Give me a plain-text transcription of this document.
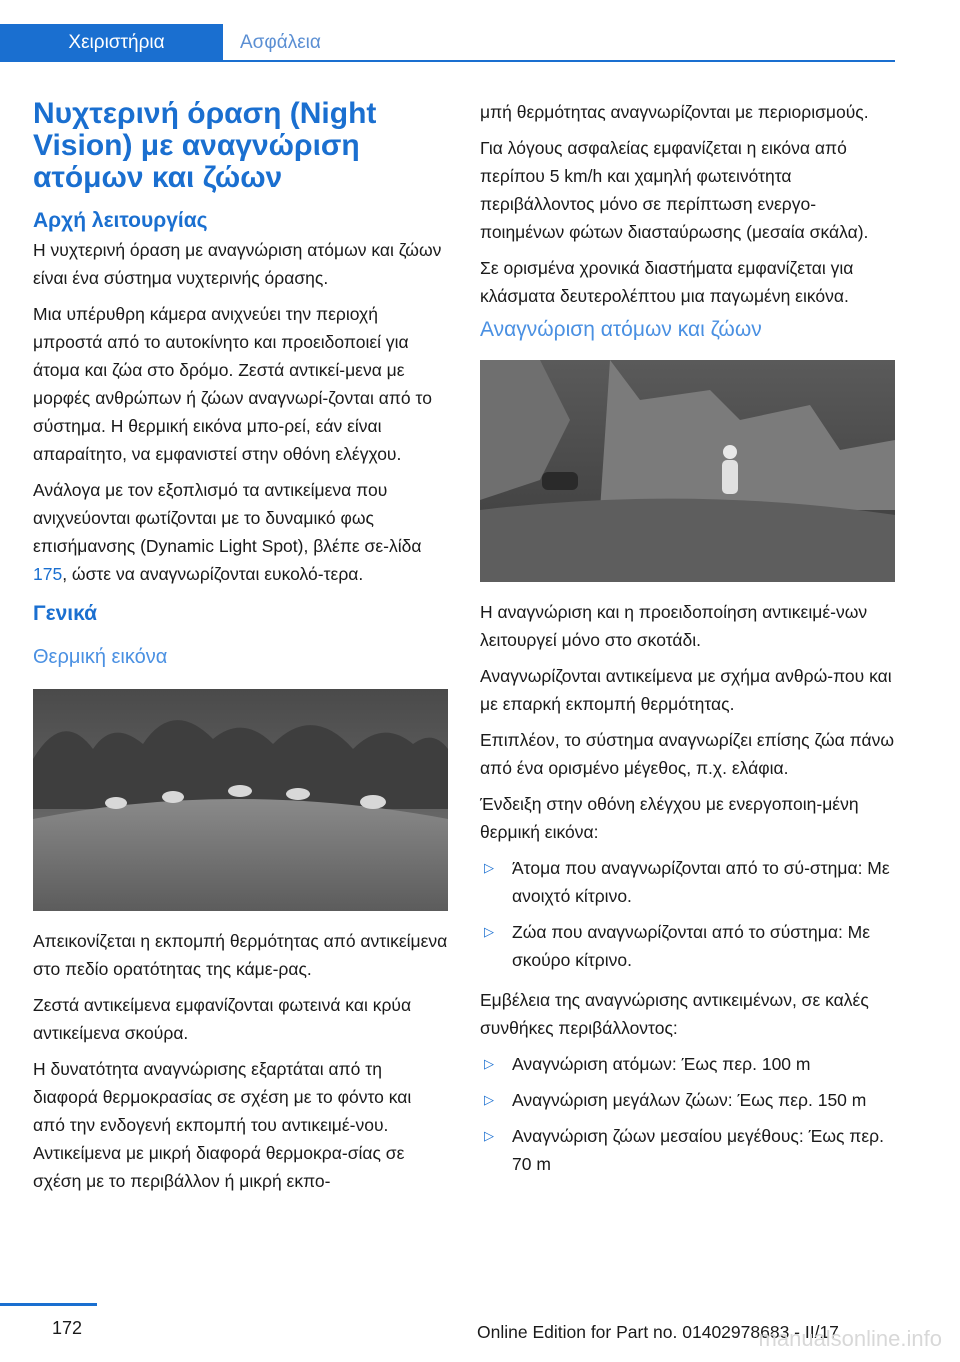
Χειριστήρια	Ασφάλεια
Νυχτερινή όραση (Night Vision) με αναγνώριση ατόμων και ζώων
Αρχή λειτουργίας

Η νυχτερινή όραση με αναγνώριση ατόμων και ζώων είναι ένα σύστημα νυχτερινής όρασης.

Μια υπέρυθρη κάμερα ανιχνεύει την περιοχή μπροστά από το αυτοκίνητο και προειδοποιεί για άτομα και ζώα στο δρόμο. Ζεστά αντικεί‐μενα με μορφές ανθρώπων ή ζώων αναγνωρί‐ζονται από το σύστημα. Η θερμική εικόνα μπο‐ρεί, εάν είναι απαραίτητο, να εμφανιστεί στην οθόνη ελέγχου.

Ανάλογα με τον εξοπλισμό τα αντικείμενα που ανιχνεύονται φωτίζονται με το δυναμικό φως επισήμανσης (Dynamic Light Spot), βλέπε σε‐λίδα 175, ώστε να αναγνωρίζονται ευκολό‐τερα.

Γενικά
Θερμική εικόνα

Απεικονίζεται η εκπομπή θερμότητας από αντικείμενα στο πεδίο ορατότητας της κάμε‐ρας.

Ζεστά αντικείμενα εμφανίζονται φωτεινά και κρύα αντικείμενα σκούρα.

Η δυνατότητα αναγνώρισης εξαρτάται από τη διαφορά θερμοκρασίας σε σχέση με το φόντο και από την ενδογενή εκπομπή του αντικειμέ‐νου. Αντικείμενα με μικρή διαφορά θερμοκρα‐σίας σε σχέση με το περιβάλλον ή μικρή εκπο‐

μπή θερμότητας αναγνωρίζονται με περιορισμούς.

Για λόγους ασφαλείας εμφανίζεται η εικόνα από περίπου 5 km/h και χαμηλή φωτεινότητα περιβάλλοντος μόνο σε περίπτωση ενεργο‐ποιημένων φώτων διασταύρωσης (μεσαία σκάλα).

Σε ορισμένα χρονικά διαστήματα εμφανίζεται για κλάσματα δευτερολέπτου μια παγωμένη εικόνα.

Αναγνώριση ατόμων και ζώων

Η αναγνώριση και η προειδοποίηση αντικειμέ‐νων λειτουργεί μόνο στο σκοτάδι.

Αναγνωρίζονται αντικείμενα με σχήμα ανθρώ‐που και με επαρκή εκπομπή θερμότητας.

Επιπλέον, το σύστημα αναγνωρίζει επίσης ζώα πάνω από ένα ορισμένο μέγεθος, π.χ. ελάφια.

Ένδειξη στην οθόνη ελέγχου με ενεργοποιη‐μένη θερμική εικόνα:

▷ Άτομα που αναγνωρίζονται από το σύ‐στημα: Με ανοιχτό κίτρινο.
▷ Ζώα που αναγνωρίζονται από το σύστημα: Με σκούρο κίτρινο.

Εμβέλεια της αναγνώρισης αντικειμένων, σε καλές συνθήκες περιβάλλοντος:

▷ Αναγνώριση ατόμων: Έως περ. 100 m
▷ Αναγνώριση μεγάλων ζώων: Έως περ. 150 m
▷ Αναγνώριση ζώων μεσαίου μεγέθους: Έως περ. 70 m
172	Online Edition for Part no. 01402978683 - II/17
manualsonline.info
